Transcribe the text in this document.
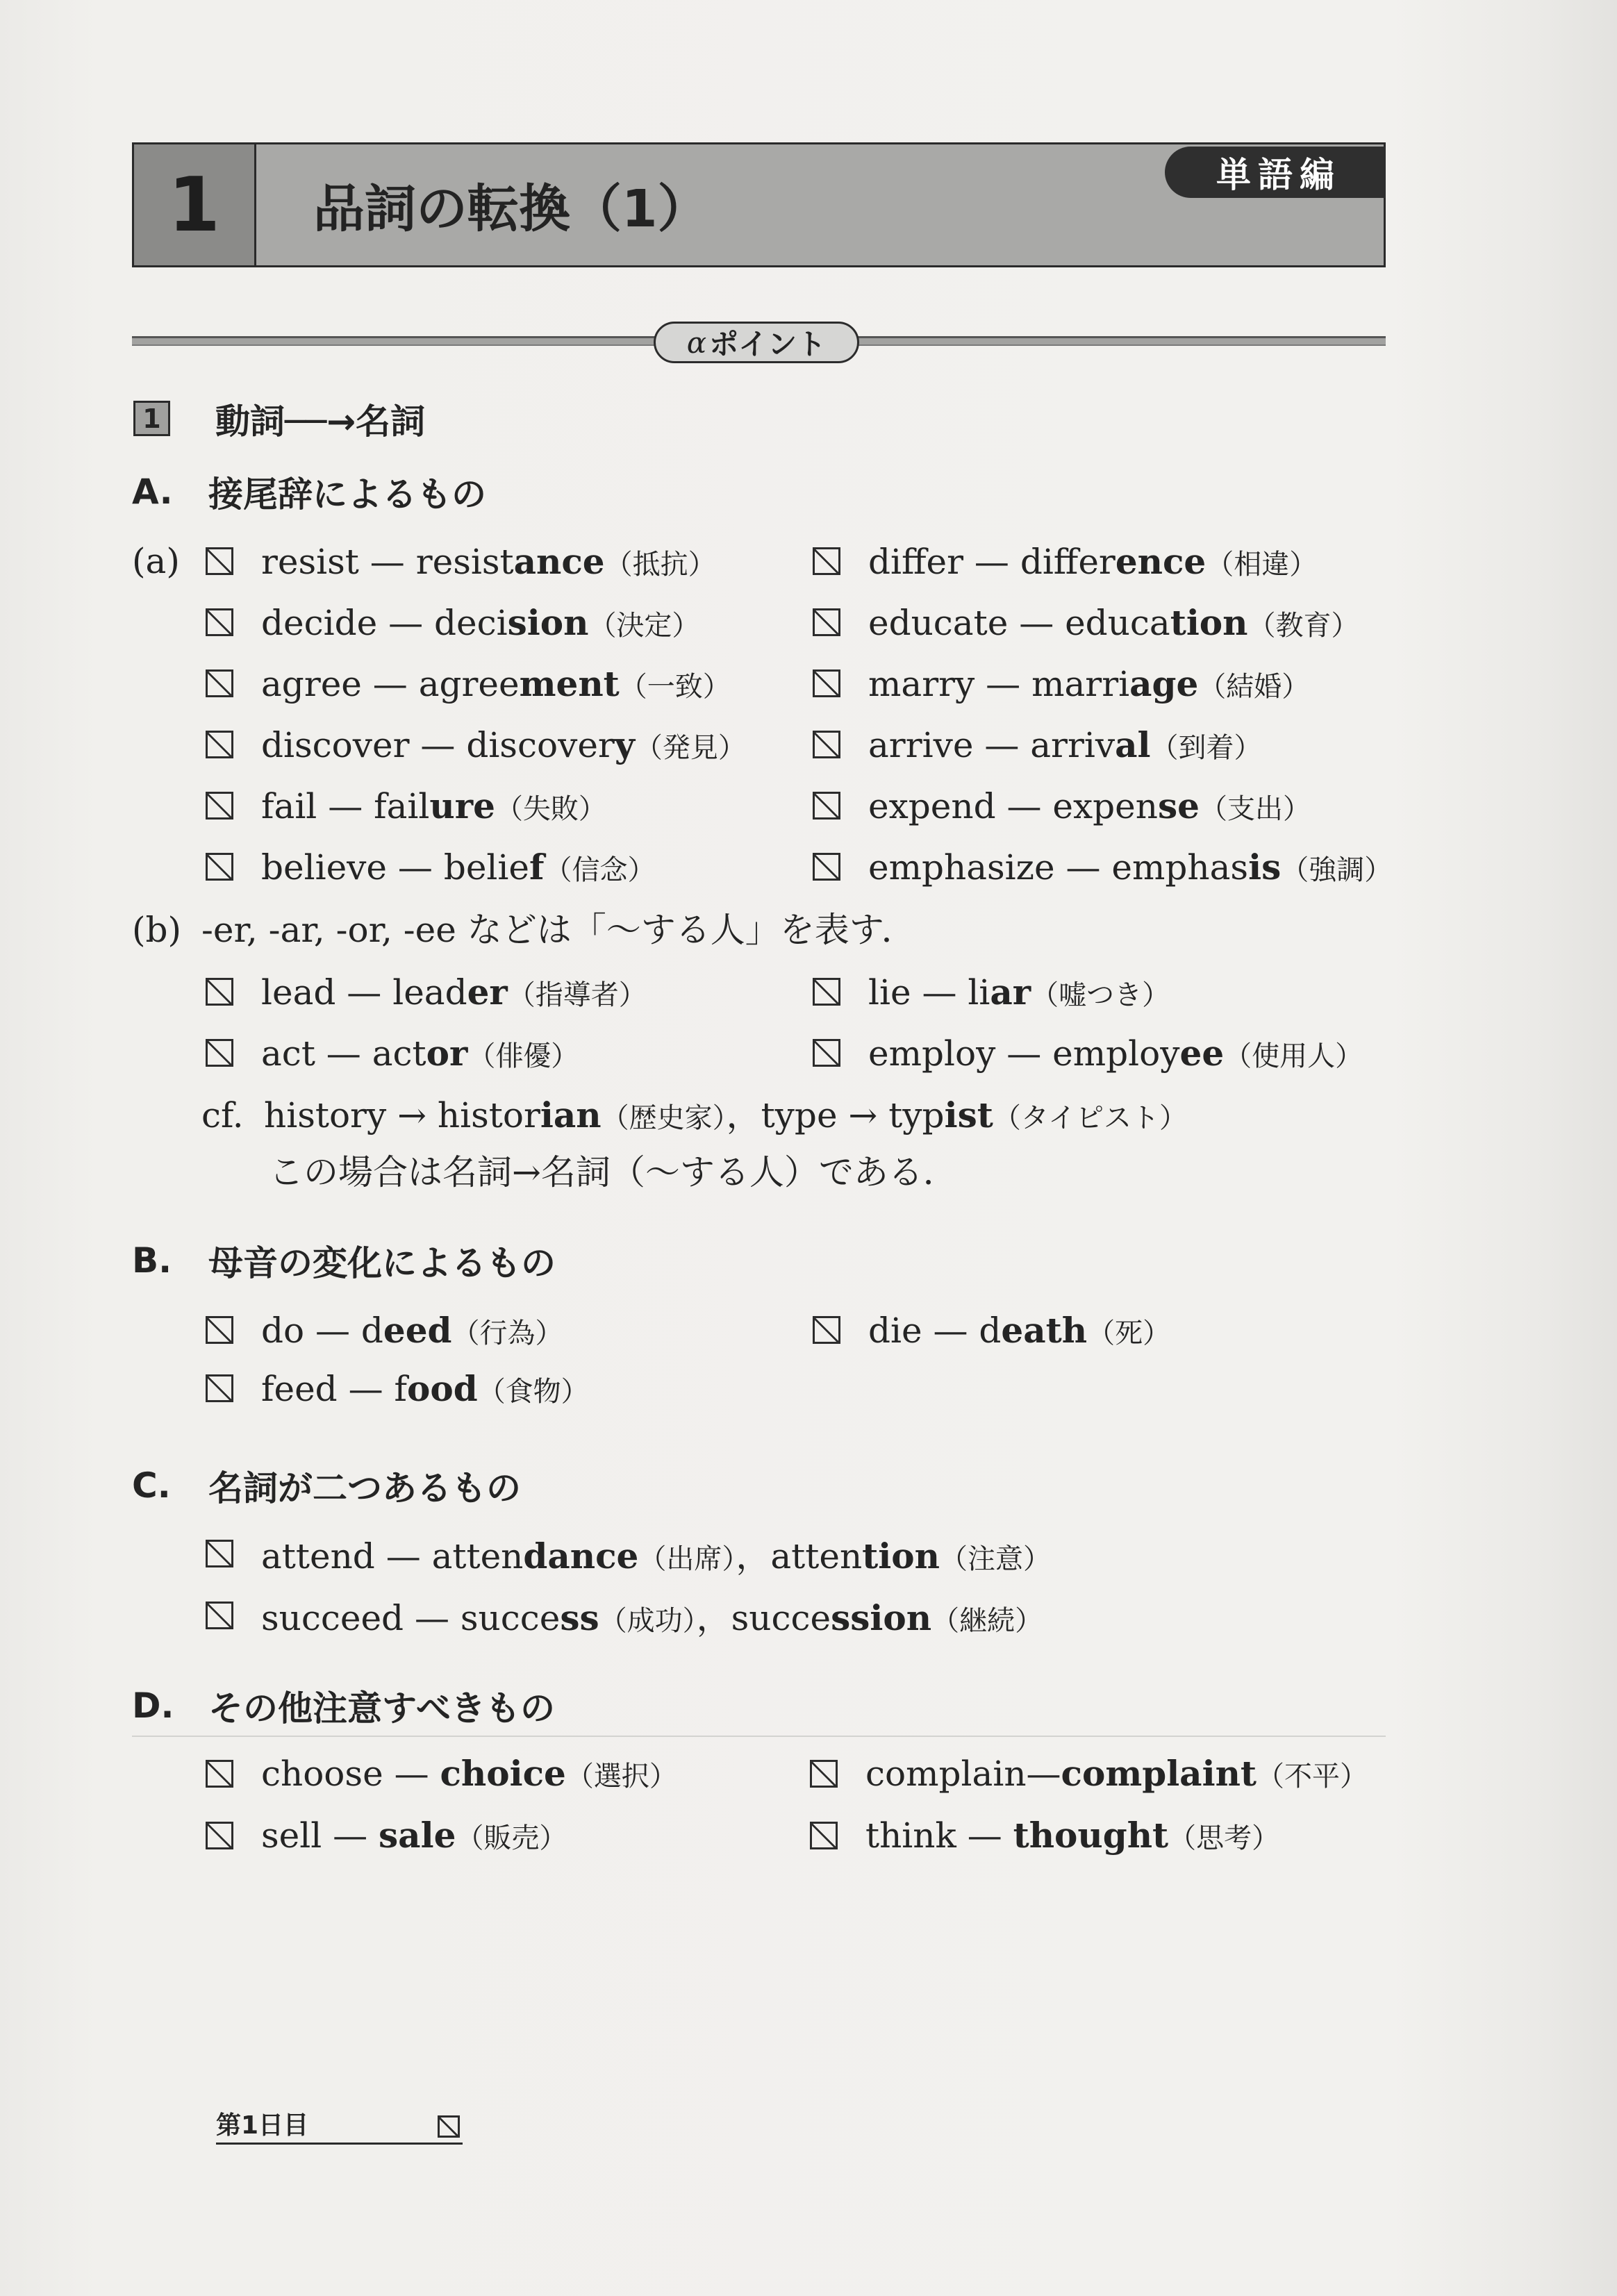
1	品詞の転換（1）
単語編
α ポイント
1 動詞──→名詞
A.	接尾辞によるもの
(a) resist — resistance（抵抗）	differ — difference（相違）
decide — decision（決定）	educate — education（教育）
agree — agreement（一致）	marry — marriage（結婚）
discover — discovery（発見）	arrive — arrival（到着）
fail — failure（失敗）	expend — expense（支出）
believe — belief（信念）	emphasize — emphasis（強調）
(b) -er, -ar, -or, -ee などは「～する人」を表す．
lead — leader（指導者）	lie — liar（嘘つき）
act — actor（俳優）	employ — employee（使用人）
cf. history → historian（歴史家），type → typist（タイピスト）
この場合は名詞→名詞（～する人）である．
B.	母音の変化によるもの
do — deed（行為）	die — death（死）
feed — food（食物）
C.	名詞が二つあるもの
attend — attendance（出席），attention（注意）
succeed — success（成功），succession（継続）
D. その他注意すべきもの
choose — choice（選択）	complain—complaint（不平）
sell — sale（販売）	think — thought（思考）
第1日目
